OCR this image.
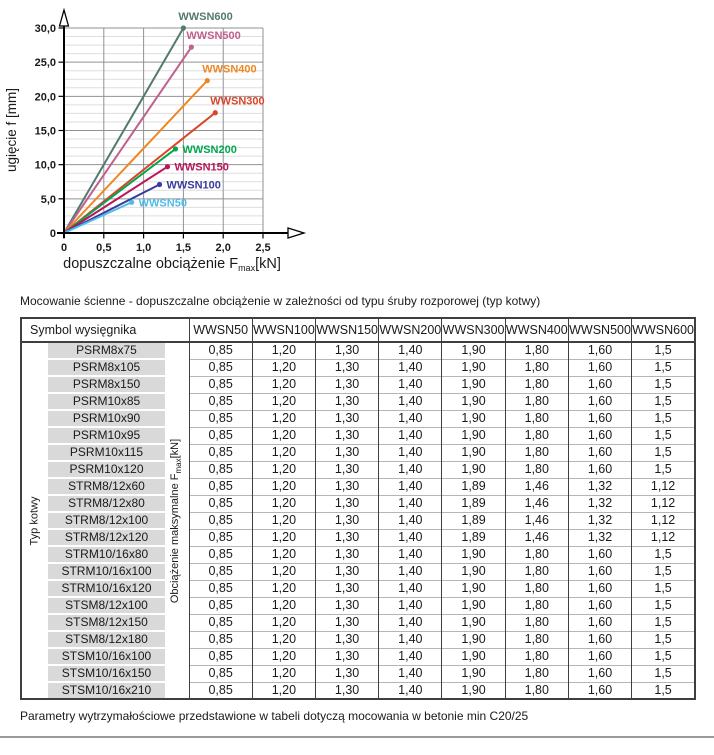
WWSN600
WWSN500
WWSN400
WWSN300
WWSN200
WWSN150
WWSN100
WWSN50
0	0,5 1,0 1,5 2,0 2,5
0
5,0
10,0
15,0
20,0
25,0
30,0
dopuszczalne obciążenie $F_{max}[kN]$
ugięcie f [mm]

Mocowanie ścienne - dopuszczalne obciążenie w zależności od typu śruby rozporowej (typ kotwy)

Symbol wysięgnika			WWSN50	WWSN100	WWSN150	WWSN200	WWSN300	WWSN400	WWSN500	WWSN600

Typ kotwy	PSRM8x75	Obciążenie maksymalne $F_{max}[kN]$	0,85	1,20	1,30	1,40	1,90	1,80	1,60	1,5
	PSRM8x105		0,85	1,20	1,30	1,40	1,90	1,80	1,60	1,5
	PSRM8x150		0,85	1,20	1,30	1,40	1,90	1,80	1,60	1,5
	PSRM10x85		0,85	1,20	1,30	1,40	1,90	1,80	1,60	1,5
	PSRM10x90		0,85	1,20	1,30	1,40	1,90	1,80	1,60	1,5
	PSRM10x95		0,85	1,20	1,30	1,40	1,90	1,80	1,60	1,5
	PSRM10x115		0,85	1,20	1,30	1,40	1,90	1,80	1,60	1,5
	PSRM10x120		0,85	1,20	1,30	1,40	1,90	1,80	1,60	1,5
	STRM8/12x60		0,85	1,20	1,30	1,40	1,89	1,46	1,32	1,12
	STRM8/12x80		0,85	1,20	1,30	1,40	1,89	1,46	1,32	1,12
	STRM8/12x100		0,85	1,20	1,30	1,40	1,89	1,46	1,32	1,12
	STRM8/12x120		0,85	1,20	1,30	1,40	1,89	1,46	1,32	1,12
	STRM10/16x80		0,85	1,20	1,30	1,40	1,90	1,80	1,60	1,5
	STRM10/16x100		0,85	1,20	1,30	1,40	1,90	1,80	1,60	1,5
	STRM10/16x120		0,85	1,20	1,30	1,40	1,90	1,80	1,60	1,5
	STSM8/12x100		0,85	1,20	1,30	1,40	1,90	1,80	1,60	1,5
	STSM8/12x150		0,85	1,20	1,30	1,40	1,90	1,80	1,60	1,5
	STSM8/12x180		0,85	1,20	1,30	1,40	1,90	1,80	1,60	1,5
	STSM10/16x100		0,85	1,20	1,30	1,40	1,90	1,80	1,60	1,5
	STSM10/16x150		0,85	1,20	1,30	1,40	1,90	1,80	1,60	1,5
	STSM10/16x210		0,85	1,20	1,30	1,40	1,90	1,80	1,60	1,5

Parametry wytrzymałościowe przedstawione w tabeli dotyczą mocowania w betonie min C20/25
